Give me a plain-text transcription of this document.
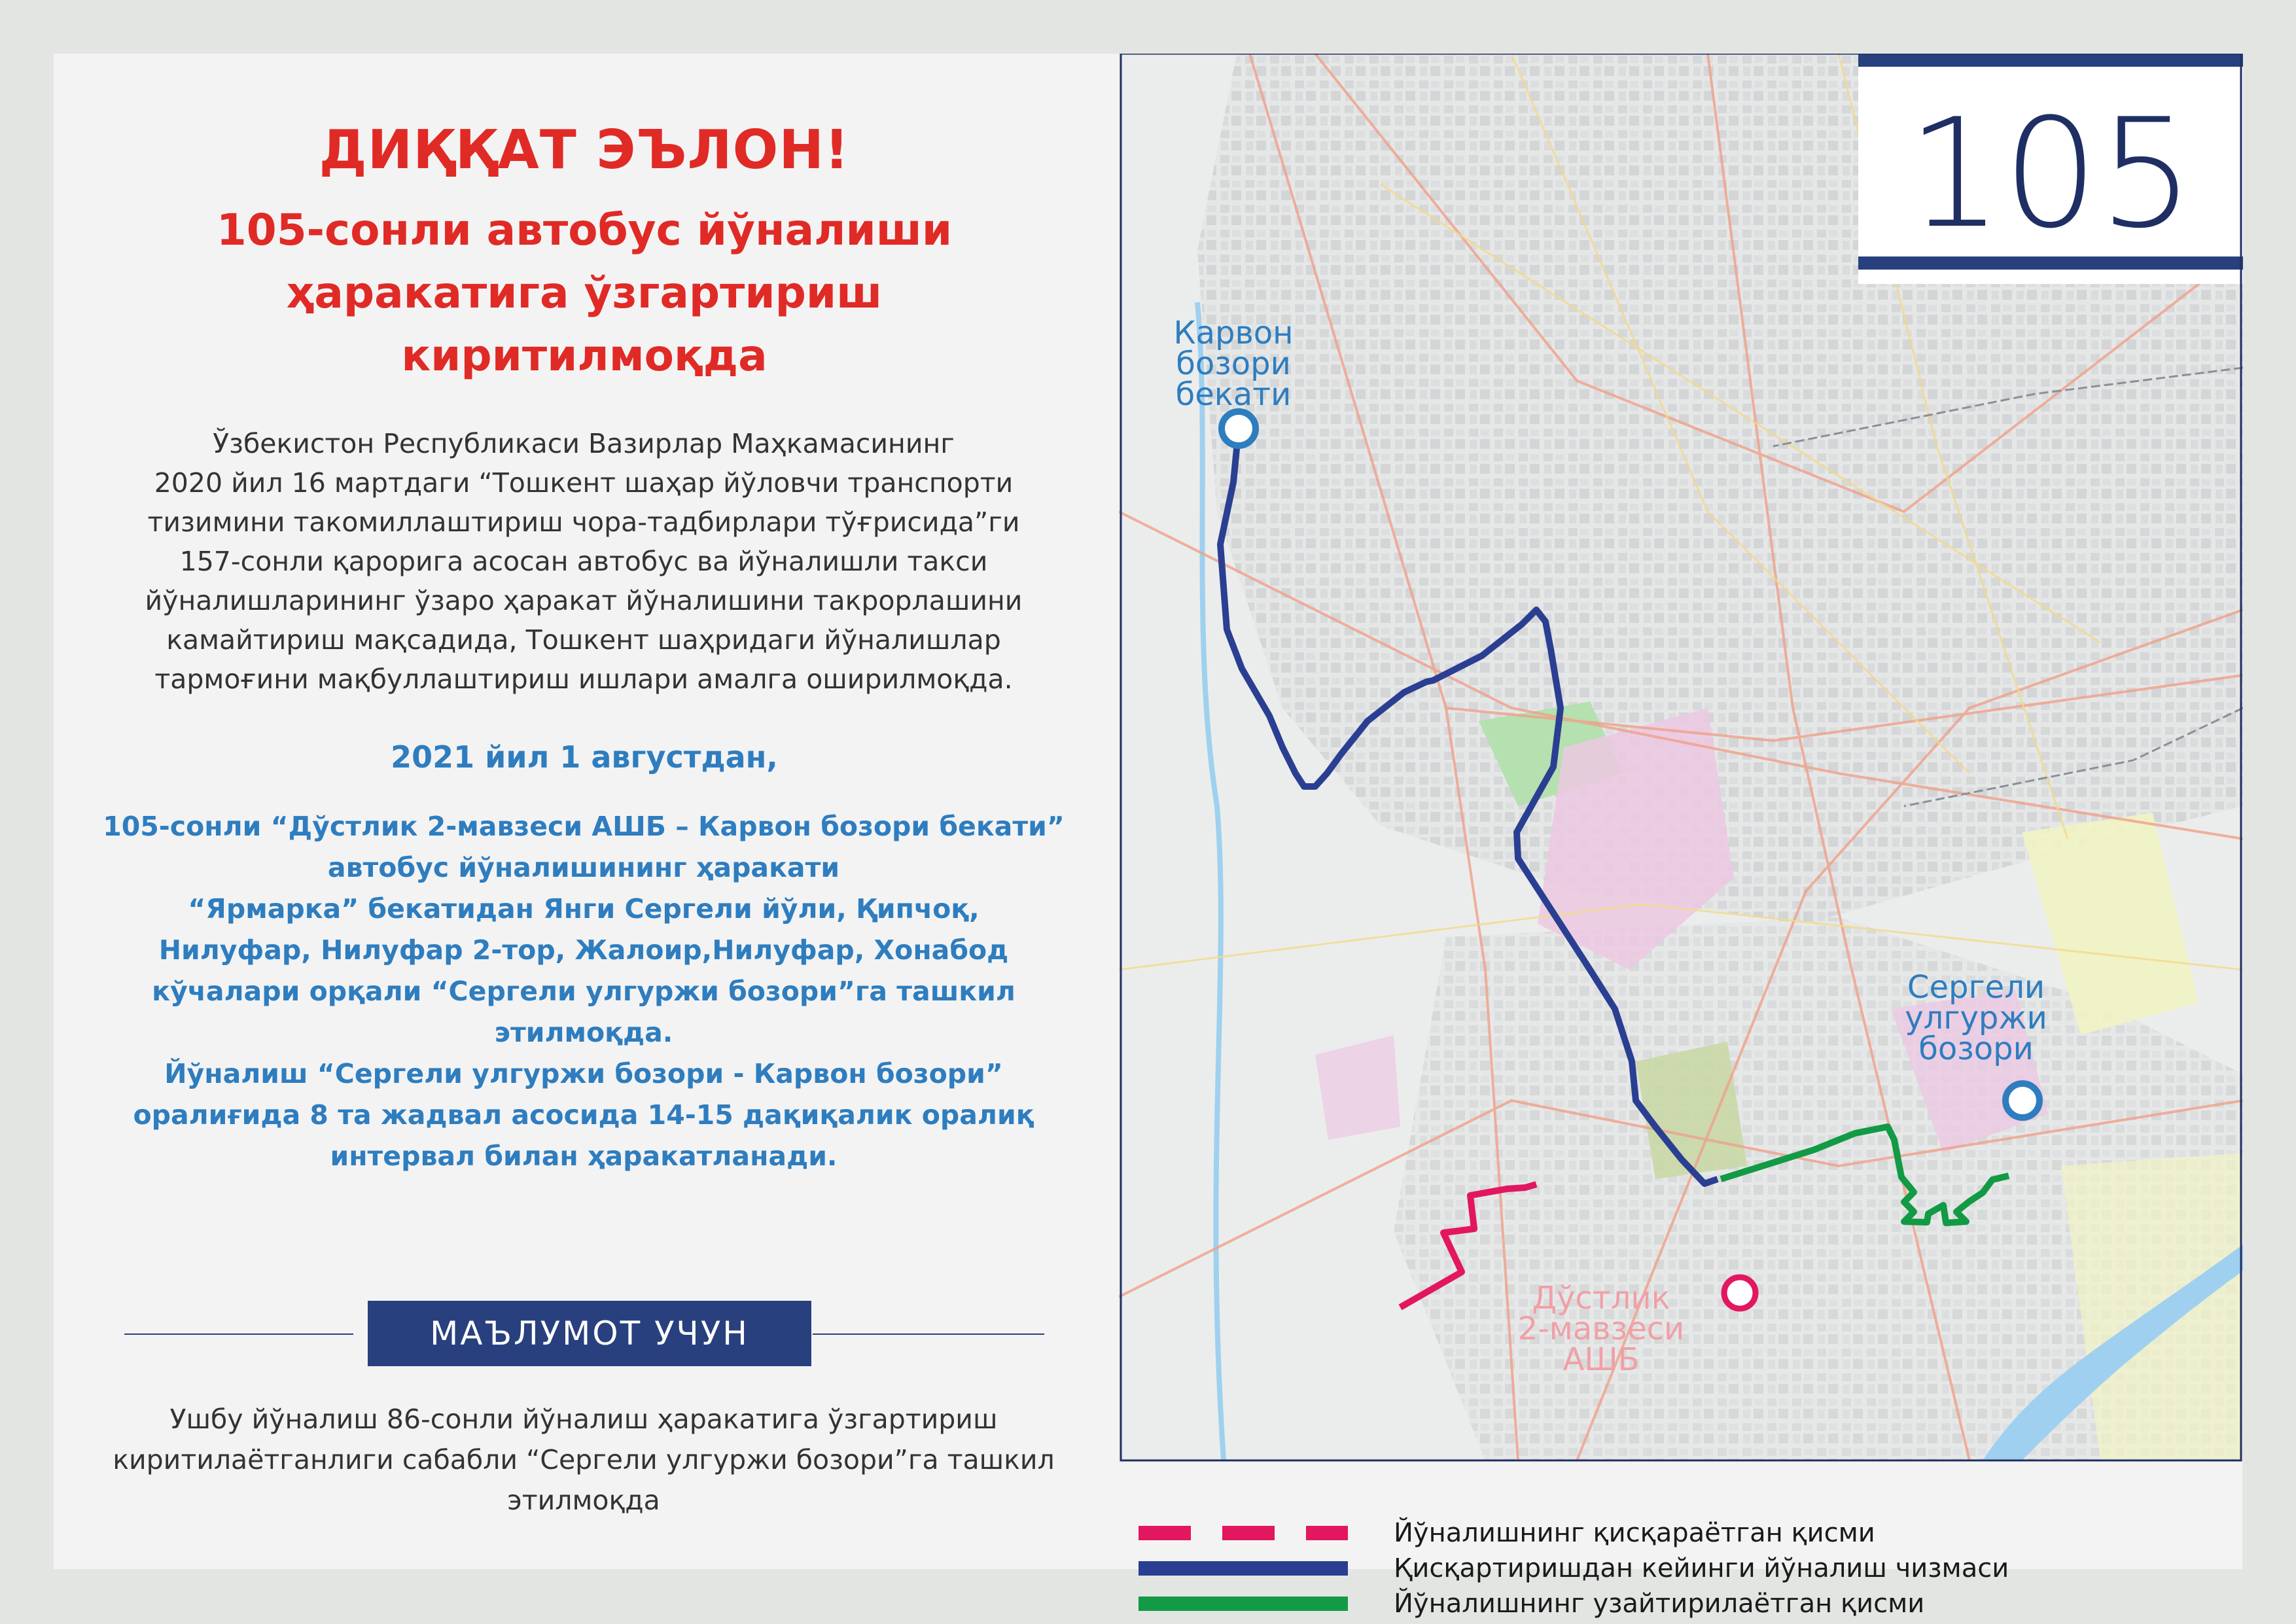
ДИҚҚАТ ЭЪЛОН!
105-сонли автобус йўналиши
ҳаракатига ўзгартириш
киритилмоқда
Ўзбекистон Республикаси Вазирлар Маҳкамасининг
2020 йил 16 мартдаги “Тошкент шаҳар йўловчи транспорти
тизимини такомиллаштириш чора-тадбирлари тўғрисида”ги
157-сонли қарорига асосан автобус ва йўналишли такси
йўналишларининг ўзаро ҳаракат йўналишини такрорлашини
камайтириш мақсадида, Тошкент шаҳридаги йўналишлар
тармоғини мақбуллаштириш ишлари амалга оширилмоқда.
2021 йил 1 августдан,
105-сонли “Дўстлик 2-мавзеси АШБ – Карвон бозори бекати”
автобус йўналишининг ҳаракати
“Ярмарка” бекатидан Янги Сергели йўли, Қипчоқ,
Нилуфар, Нилуфар 2-тор, Жалоир,Нилуфар, Хонабод
кўчалари орқали “Сергели улгуржи бозори”га ташкил
этилмоқда.
Йўналиш “Сергели улгуржи бозори - Карвон бозори”
оралиғида 8 та жадвал асосида 14-15 дақиқалик оралиқ
интервал билан ҳаракатланади.
МАЪЛУМОТ УЧУН
Ушбу йўналиш 86-сонли йўналиш ҳаракатига ўзгартириш
киритилаётганлиги сабабли “Сергели улгуржи бозори”га ташкил
этилмоқда
Карвон
бозори
бекати
Сергели
улгуржи
бозори
Дўстлик
2-мавзеси
АШБ
105
Йўналишнинг қисқараётган қисми
Қисқартиришдан кейинги йўналиш чизмаси
Йўналишнинг узайтирилаётган қисми
